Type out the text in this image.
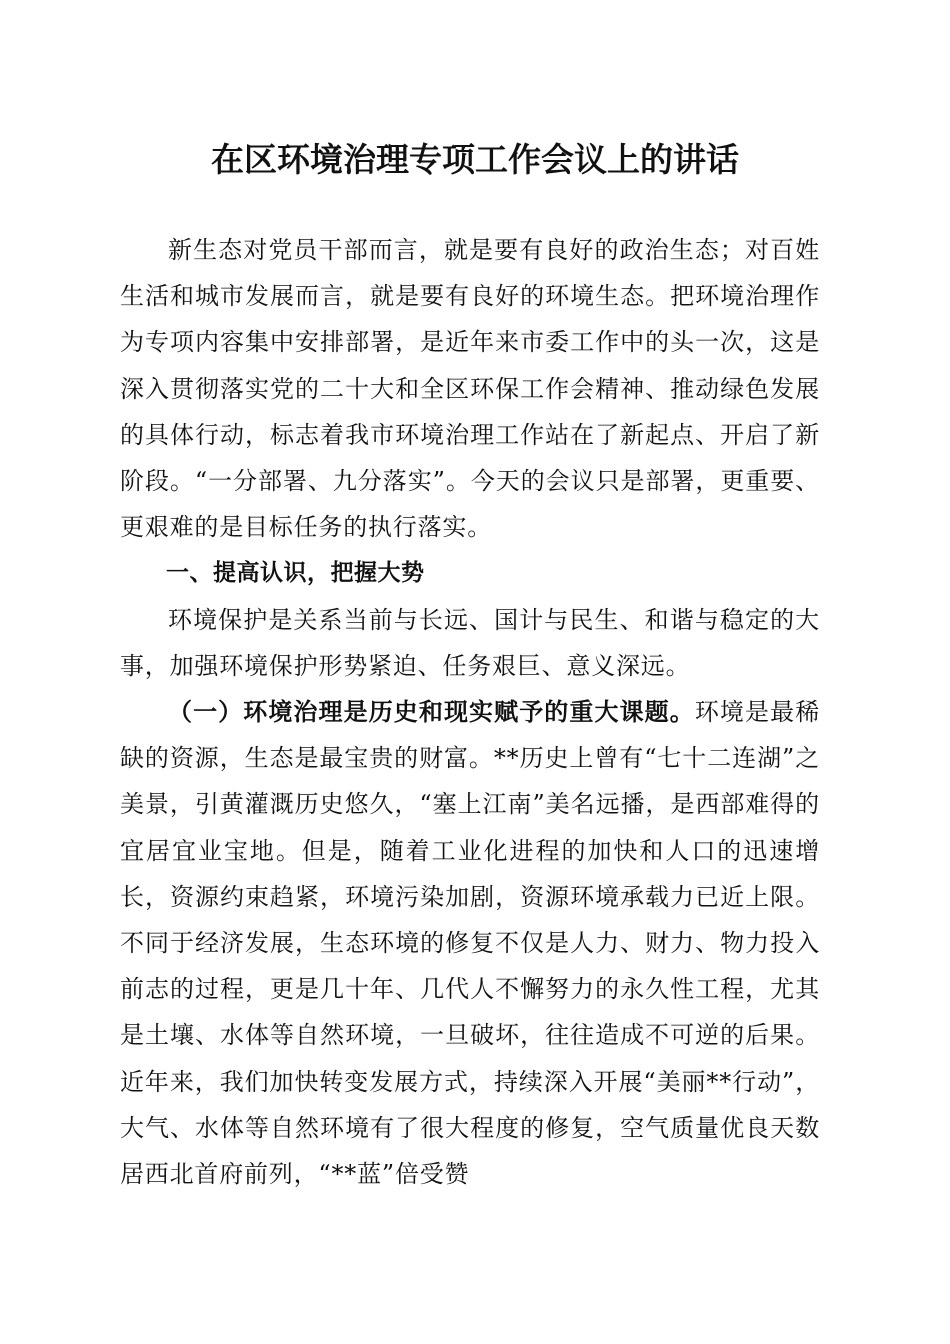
在区环境治理专项工作会议上的讲话

新生态对党员干部而言，就是要有良好的政治生态；对百姓生活和城市发展而言，就是要有良好的环境生态。把环境治理作为专项内容集中安排部署，是近年来市委工作中的头一次，这是深入贯彻落实党的二十大和全区环保工作会精神、推动绿色发展的具体行动，标志着我市环境治理工作站在了新起点、开启了新阶段。“一分部署、九分落实”。今天的会议只是部署，更重要、更艰难的是目标任务的执行落实。

一、提高认识，把握大势

环境保护是关系当前与长远、国计与民生、和谐与稳定的大事，加强环境保护形势紧迫、任务艰巨、意义深远。

（一）环境治理是历史和现实赋予的重大课题。环境是最稀缺的资源，生态是最宝贵的财富。**历史上曾有“七十二连湖”之美景，引黄灌溉历史悠久，“塞上江南”美名远播，是西部难得的宜居宜业宝地。但是，随着工业化进程的加快和人口的迅速增长，资源约束趋紧，环境污染加剧，资源环境承载力已近上限。不同于经济发展，生态环境的修复不仅是人力、财力、物力投入前志的过程，更是几十年、几代人不懈努力的永久性工程，尤其是土壤、水体等自然环境，一旦破坏，往往造成不可逆的后果。近年来，我们加快转变发展方式，持续深入开展“美丽**行动”，大气、水体等自然环境有了很大程度的修复，空气质量优良天数居西北首府前列，“**蓝”倍受赞
